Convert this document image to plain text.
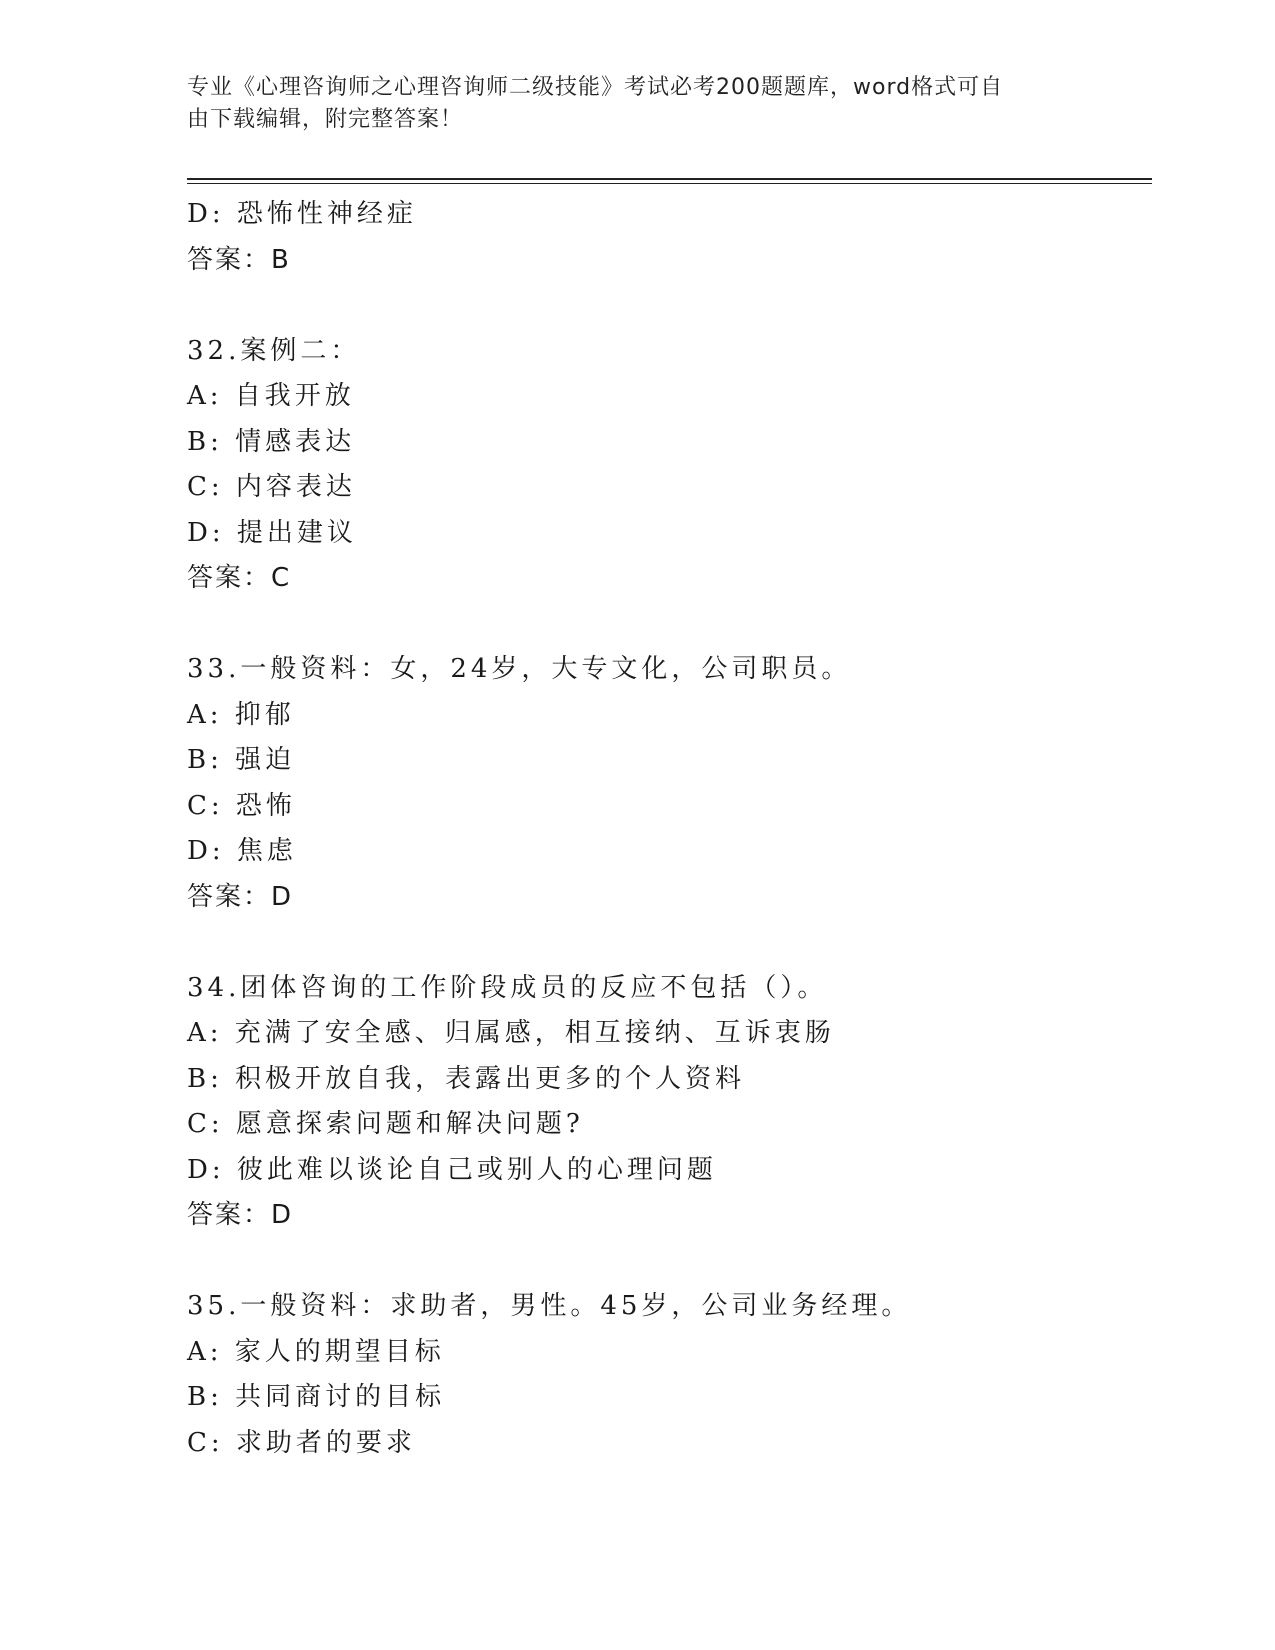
专业《心理咨询师之心理咨询师二级技能》考试必考200题题库，word格式可自
由下载编辑，附完整答案！
D: 恐怖性神经症
答案：B
32.案例二：
A: 自我开放
B: 情感表达
C: 内容表达
D: 提出建议
答案：C
33.一般资料：女，24岁，大专文化，公司职员。
A: 抑郁
B: 强迫
C: 恐怖
D: 焦虑
答案：D
34.团体咨询的工作阶段成员的反应不包括（）。
A: 充满了安全感、归属感，相互接纳、互诉衷肠
B: 积极开放自我，表露出更多的个人资料
C: 愿意探索问题和解决问题?
D: 彼此难以谈论自己或别人的心理问题
答案：D
35.一般资料：求助者，男性。45岁，公司业务经理。
A: 家人的期望目标
B: 共同商讨的目标
C: 求助者的要求
